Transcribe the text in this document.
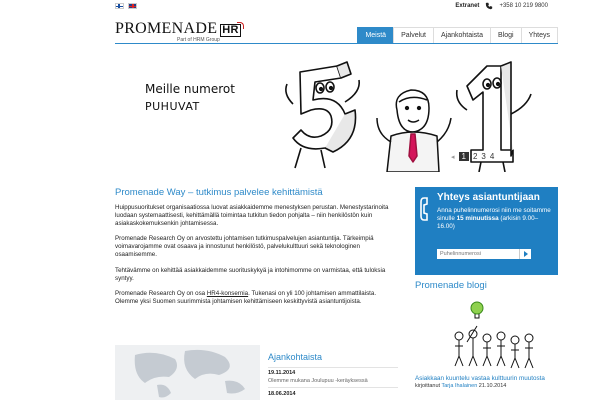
Extranet	+358 10 219 9800
PROMENADE HR
Part of HRM Group
Meistä	Palvelut	Ajankohtaista	Blogi	Yhteys
Meille numerot
PUHUVAT
◂ 1 2 3 4
Promenade Way – tutkimus palvelee kehittämistä

Huippusuoritukset organisaatiossa luovat asiakkaidemme menestyksen perustan. Menestystarinoita luodaan systemaattisesti, kehittämällä toimintaa tutkitun tiedon pohjalta – niin henkilöstön kuin asiakaskokemuksenkin johtamisessa.

Promenade Research Oy on arvostettu johtamisen tutkimuspalvelujen asiantuntija. Tärkeimpiä voimavarojamme ovat osaava ja innostunut henkilöstö, palvelukulttuuri sekä teknologinen osaamisemme.

Tehtävämme on kehittää asiakkaidemme suorituskykyä ja intohimomme on varmistaa, että tuloksia syntyy.

Promenade Research Oy on osa HR4-konsernia. Tukenasi on yli 100 johtamisen ammattilaista. Olemme yksi Suomen suurimmista johtamisen kehittämiseen keskittyvistä asiantuntijoista.

Yhteys asiantuntijaan
Anna puhelinnumerosi niin me soitamme sinulle 15 minuutissa (arkisin 9.00–16.00)
Puhelinnumerosi
Promenade blogi
Asiakkaan kuuntelu vastaa kulttuurin muutosta
kirjoittanut Tarja Ihalainen 21.10.2014
Ajankohtaista
19.11.2014
Olemme mukana Joulupuu -keräyksessä
18.06.2014
